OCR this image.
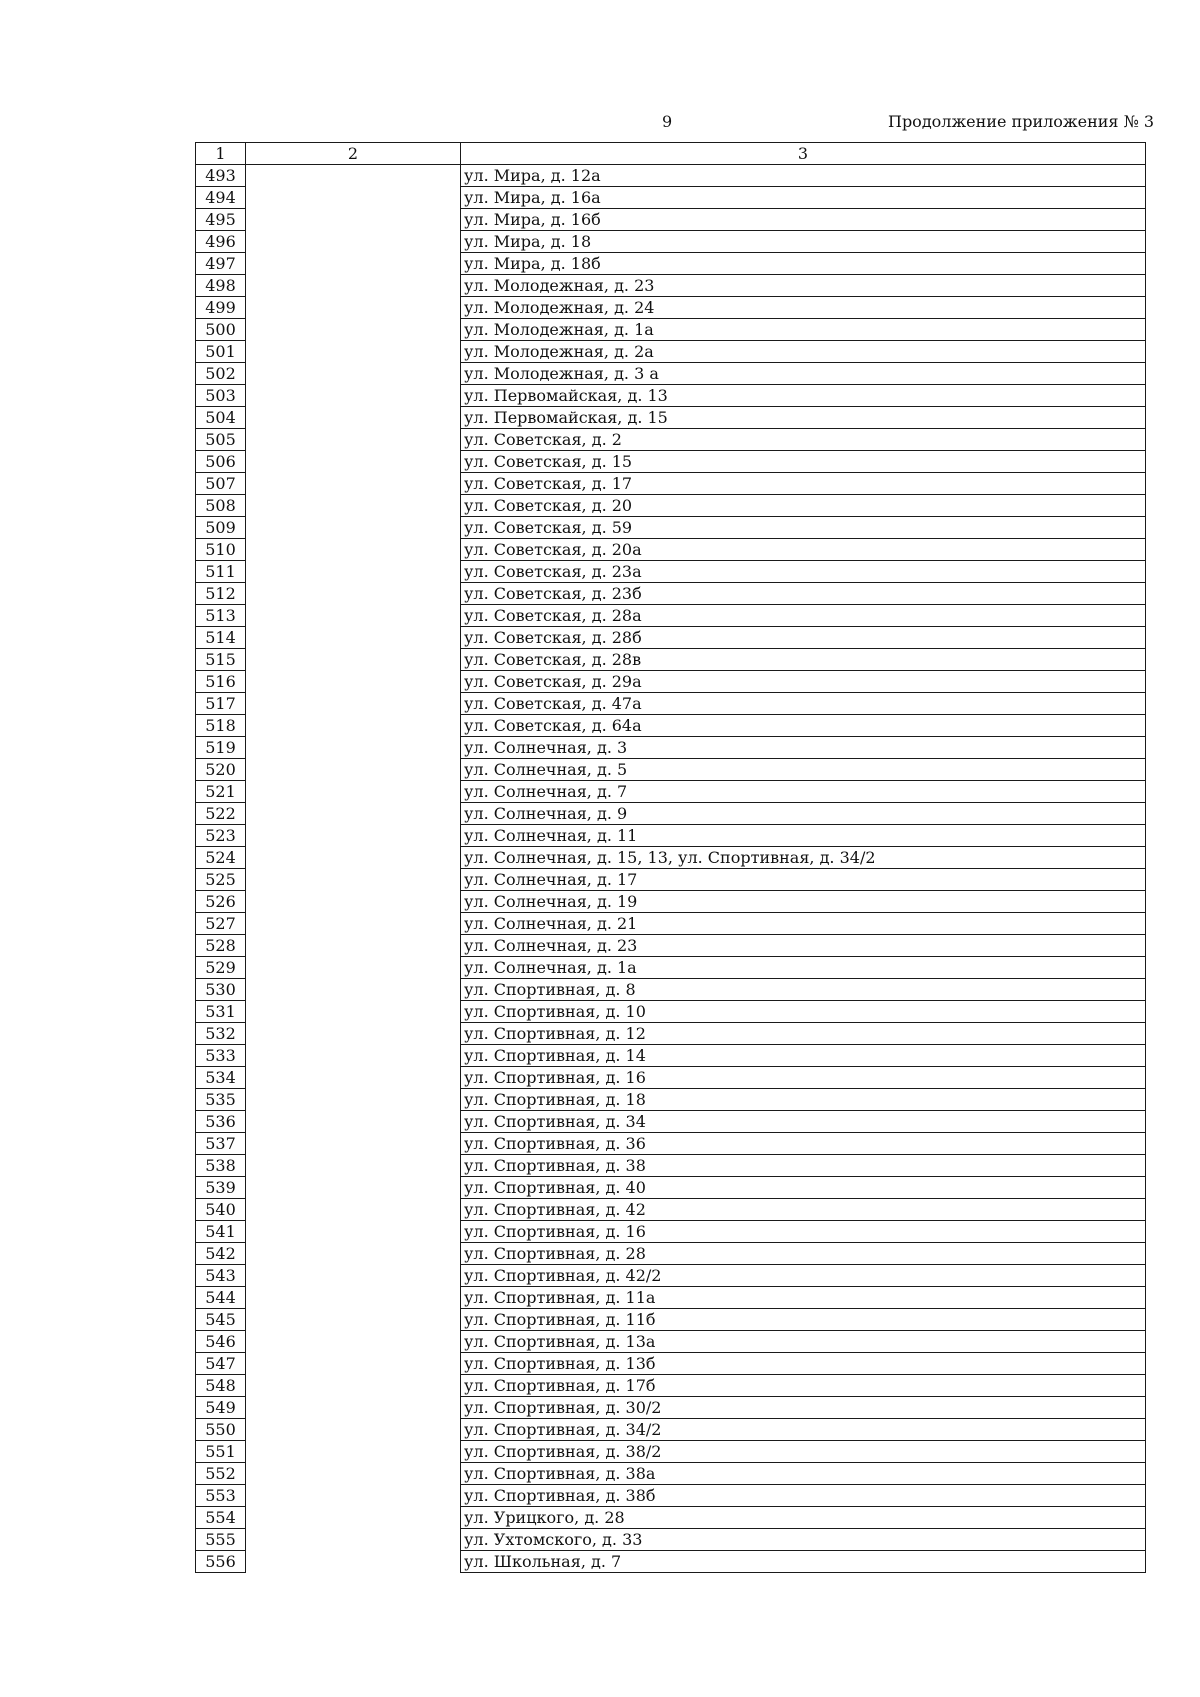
9	Продолжение приложения № 3
1	2	3
493		ул. Мира, д. 12а
494		ул. Мира, д. 16а
495		ул. Мира, д. 16б
496		ул. Мира, д. 18
497		ул. Мира, д. 18б
498		ул. Молодежная, д. 23
499		ул. Молодежная, д. 24
500		ул. Молодежная, д. 1а
501		ул. Молодежная, д. 2а
502		ул. Молодежная, д. 3 а
503		ул. Первомайская, д. 13
504		ул. Первомайская, д. 15
505		ул. Советская, д. 2
506		ул. Советская, д. 15
507		ул. Советская, д. 17
508		ул. Советская, д. 20
509		ул. Советская, д. 59
510		ул. Советская, д. 20а
511		ул. Советская, д. 23а
512		ул. Советская, д. 23б
513		ул. Советская, д. 28а
514		ул. Советская, д. 28б
515		ул. Советская, д. 28в
516		ул. Советская, д. 29а
517		ул. Советская, д. 47а
518		ул. Советская, д. 64а
519		ул. Солнечная, д. 3
520		ул. Солнечная, д. 5
521		ул. Солнечная, д. 7
522		ул. Солнечная, д. 9
523		ул. Солнечная, д. 11
524		ул. Солнечная, д. 15, 13, ул. Спортивная, д. 34/2
525		ул. Солнечная, д. 17
526		ул. Солнечная, д. 19
527		ул. Солнечная, д. 21
528		ул. Солнечная, д. 23
529		ул. Солнечная, д. 1а
530		ул. Спортивная, д. 8
531		ул. Спортивная, д. 10
532		ул. Спортивная, д. 12
533		ул. Спортивная, д. 14
534		ул. Спортивная, д. 16
535		ул. Спортивная, д. 18
536		ул. Спортивная, д. 34
537		ул. Спортивная, д. 36
538		ул. Спортивная, д. 38
539		ул. Спортивная, д. 40
540		ул. Спортивная, д. 42
541		ул. Спортивная, д. 16
542		ул. Спортивная, д. 28
543		ул. Спортивная, д. 42/2
544		ул. Спортивная, д. 11а
545		ул. Спортивная, д. 11б
546		ул. Спортивная, д. 13а
547		ул. Спортивная, д. 13б
548		ул. Спортивная, д. 17б
549		ул. Спортивная, д. 30/2
550		ул. Спортивная, д. 34/2
551		ул. Спортивная, д. 38/2
552		ул. Спортивная, д. 38а
553		ул. Спортивная, д. 38б
554		ул. Урицкого, д. 28
555		ул. Ухтомского, д. 33
556		ул. Школьная, д. 7
